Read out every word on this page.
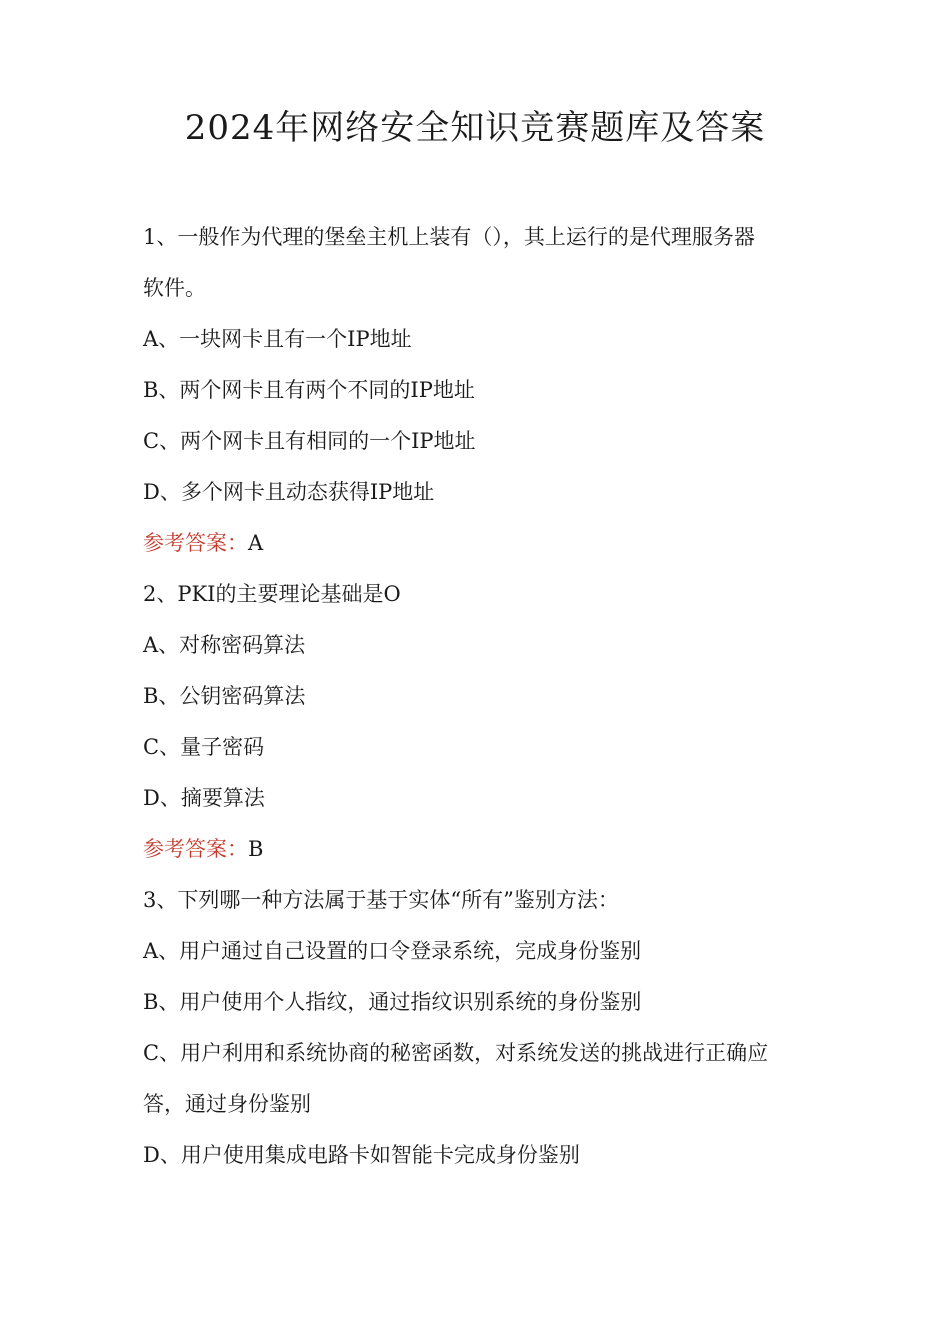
2024年网络安全知识竞赛题库及答案

1、一般作为代理的堡垒主机上装有（），其上运行的是代理服务器

软件。

A、一块网卡且有一个IP地址

B、两个网卡且有两个不同的IP地址

C、两个网卡且有相同的一个IP地址

D、多个网卡且动态获得IP地址

参考答案：A

2、PKI的主要理论基础是O

A、对称密码算法

B、公钥密码算法

C、量子密码

D、摘要算法

参考答案：B

3、下列哪一种方法属于基于实体“所有”鉴别方法：

A、用户通过自己设置的口令登录系统，完成身份鉴别

B、用户使用个人指纹，通过指纹识别系统的身份鉴别

C、用户利用和系统协商的秘密函数，对系统发送的挑战进行正确应

答，通过身份鉴别

D、用户使用集成电路卡如智能卡完成身份鉴别
